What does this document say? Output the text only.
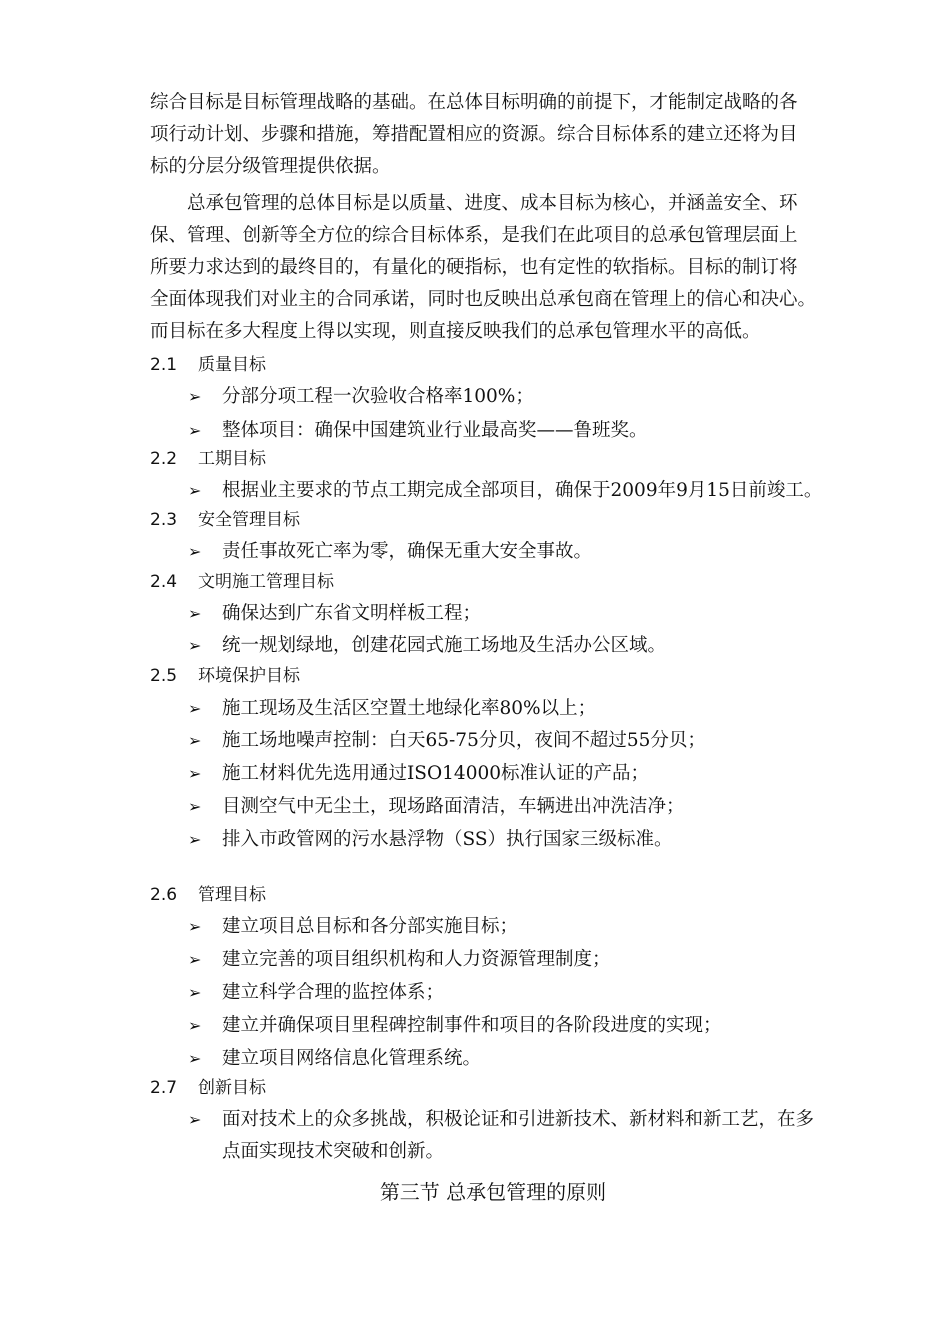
综合目标是目标管理战略的基础。在总体目标明确的前提下，才能制定战略的各
项行动计划、步骤和措施，筹措配置相应的资源。综合目标体系的建立还将为目
标的分层分级管理提供依据。
总承包管理的总体目标是以质量、进度、成本目标为核心，并涵盖安全、环
保、管理、创新等全方位的综合目标体系，是我们在此项目的总承包管理层面上
所要力求达到的最终目的，有量化的硬指标，也有定性的软指标。目标的制订将
全面体现我们对业主的合同承诺，同时也反映出总承包商在管理上的信心和决心。
而目标在多大程度上得以实现，则直接反映我们的总承包管理水平的高低。
2.1 质量目标
➢ 分部分项工程一次验收合格率100%；
➢ 整体项目：确保中国建筑业行业最高奖——鲁班奖。
2.2 工期目标
➢ 根据业主要求的节点工期完成全部项目，确保于2009年9月15日前竣工。
2.3 安全管理目标
➢ 责任事故死亡率为零，确保无重大安全事故。
2.4 文明施工管理目标
➢ 确保达到广东省文明样板工程；
➢ 统一规划绿地，创建花园式施工场地及生活办公区域。
2.5 环境保护目标
➢ 施工现场及生活区空置土地绿化率80%以上；
➢ 施工场地噪声控制：白天65-75分贝，夜间不超过55分贝；
➢ 施工材料优先选用通过ISO14000标准认证的产品；
➢ 目测空气中无尘土，现场路面清洁，车辆进出冲洗洁净；
➢ 排入市政管网的污水悬浮物（SS）执行国家三级标准。
2.6 管理目标
➢ 建立项目总目标和各分部实施目标；
➢ 建立完善的项目组织机构和人力资源管理制度；
➢ 建立科学合理的监控体系；
➢ 建立并确保项目里程碑控制事件和项目的各阶段进度的实现；
➢ 建立项目网络信息化管理系统。
2.7 创新目标
➢ 面对技术上的众多挑战，积极论证和引进新技术、新材料和新工艺，在多
点面实现技术突破和创新。
第三节 总承包管理的原则
